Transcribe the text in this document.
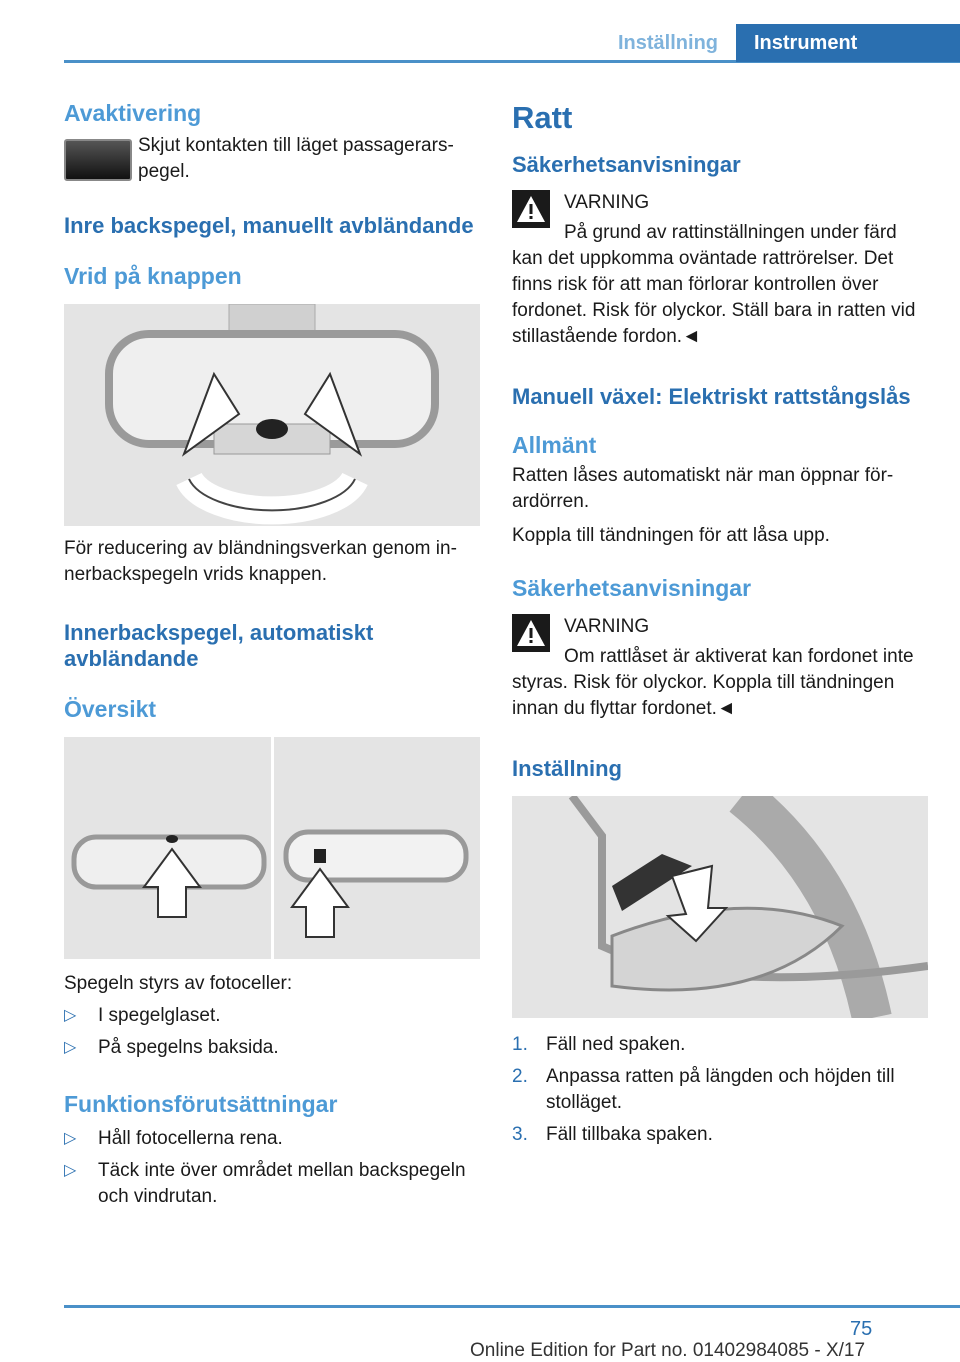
Inställning	Instrument
Avaktivering

Skjut kontakten till läget passagerarspegel.

Inre backspegel, manuellt avbländande
Vrid på knappen

För reducering av bländningsverkan genom innerbackspegeln vrids knappen.

Innerbackspegel, automatiskt avbländande
Översikt

Spegeln styrs av fotoceller:

▷ I spegelglaset.
▷ På spegelns baksida.
Funktionsförutsättningar
▷ Håll fotocellerna rena.
▷ Täck inte över området mellan backspegeln och vindrutan.
Ratt
Säkerhetsanvisningar

VARNING

På grund av rattinställningen under färd kan det uppkomma oväntade rattrörelser. Det finns risk för att man förlorar kontrollen över fordonet. Risk för olyckor. Ställ bara in ratten vid stillastående fordon.◄

Manuell växel: Elektriskt rattstångslås
Allmänt

Ratten låses automatiskt när man öppnar förardörren.

Koppla till tändningen för att låsa upp.

Säkerhetsanvisningar

VARNING

Om rattlåset är aktiverat kan fordonet inte styras. Risk för olyckor. Koppla till tändningen innan du flyttar fordonet.◄

Inställning
1. Fäll ned spaken.
2. Anpassa ratten på längden och höjden till stolläget.
3. Fäll tillbaka spaken.
75
Online Edition for Part no. 01402984085 - X/17
